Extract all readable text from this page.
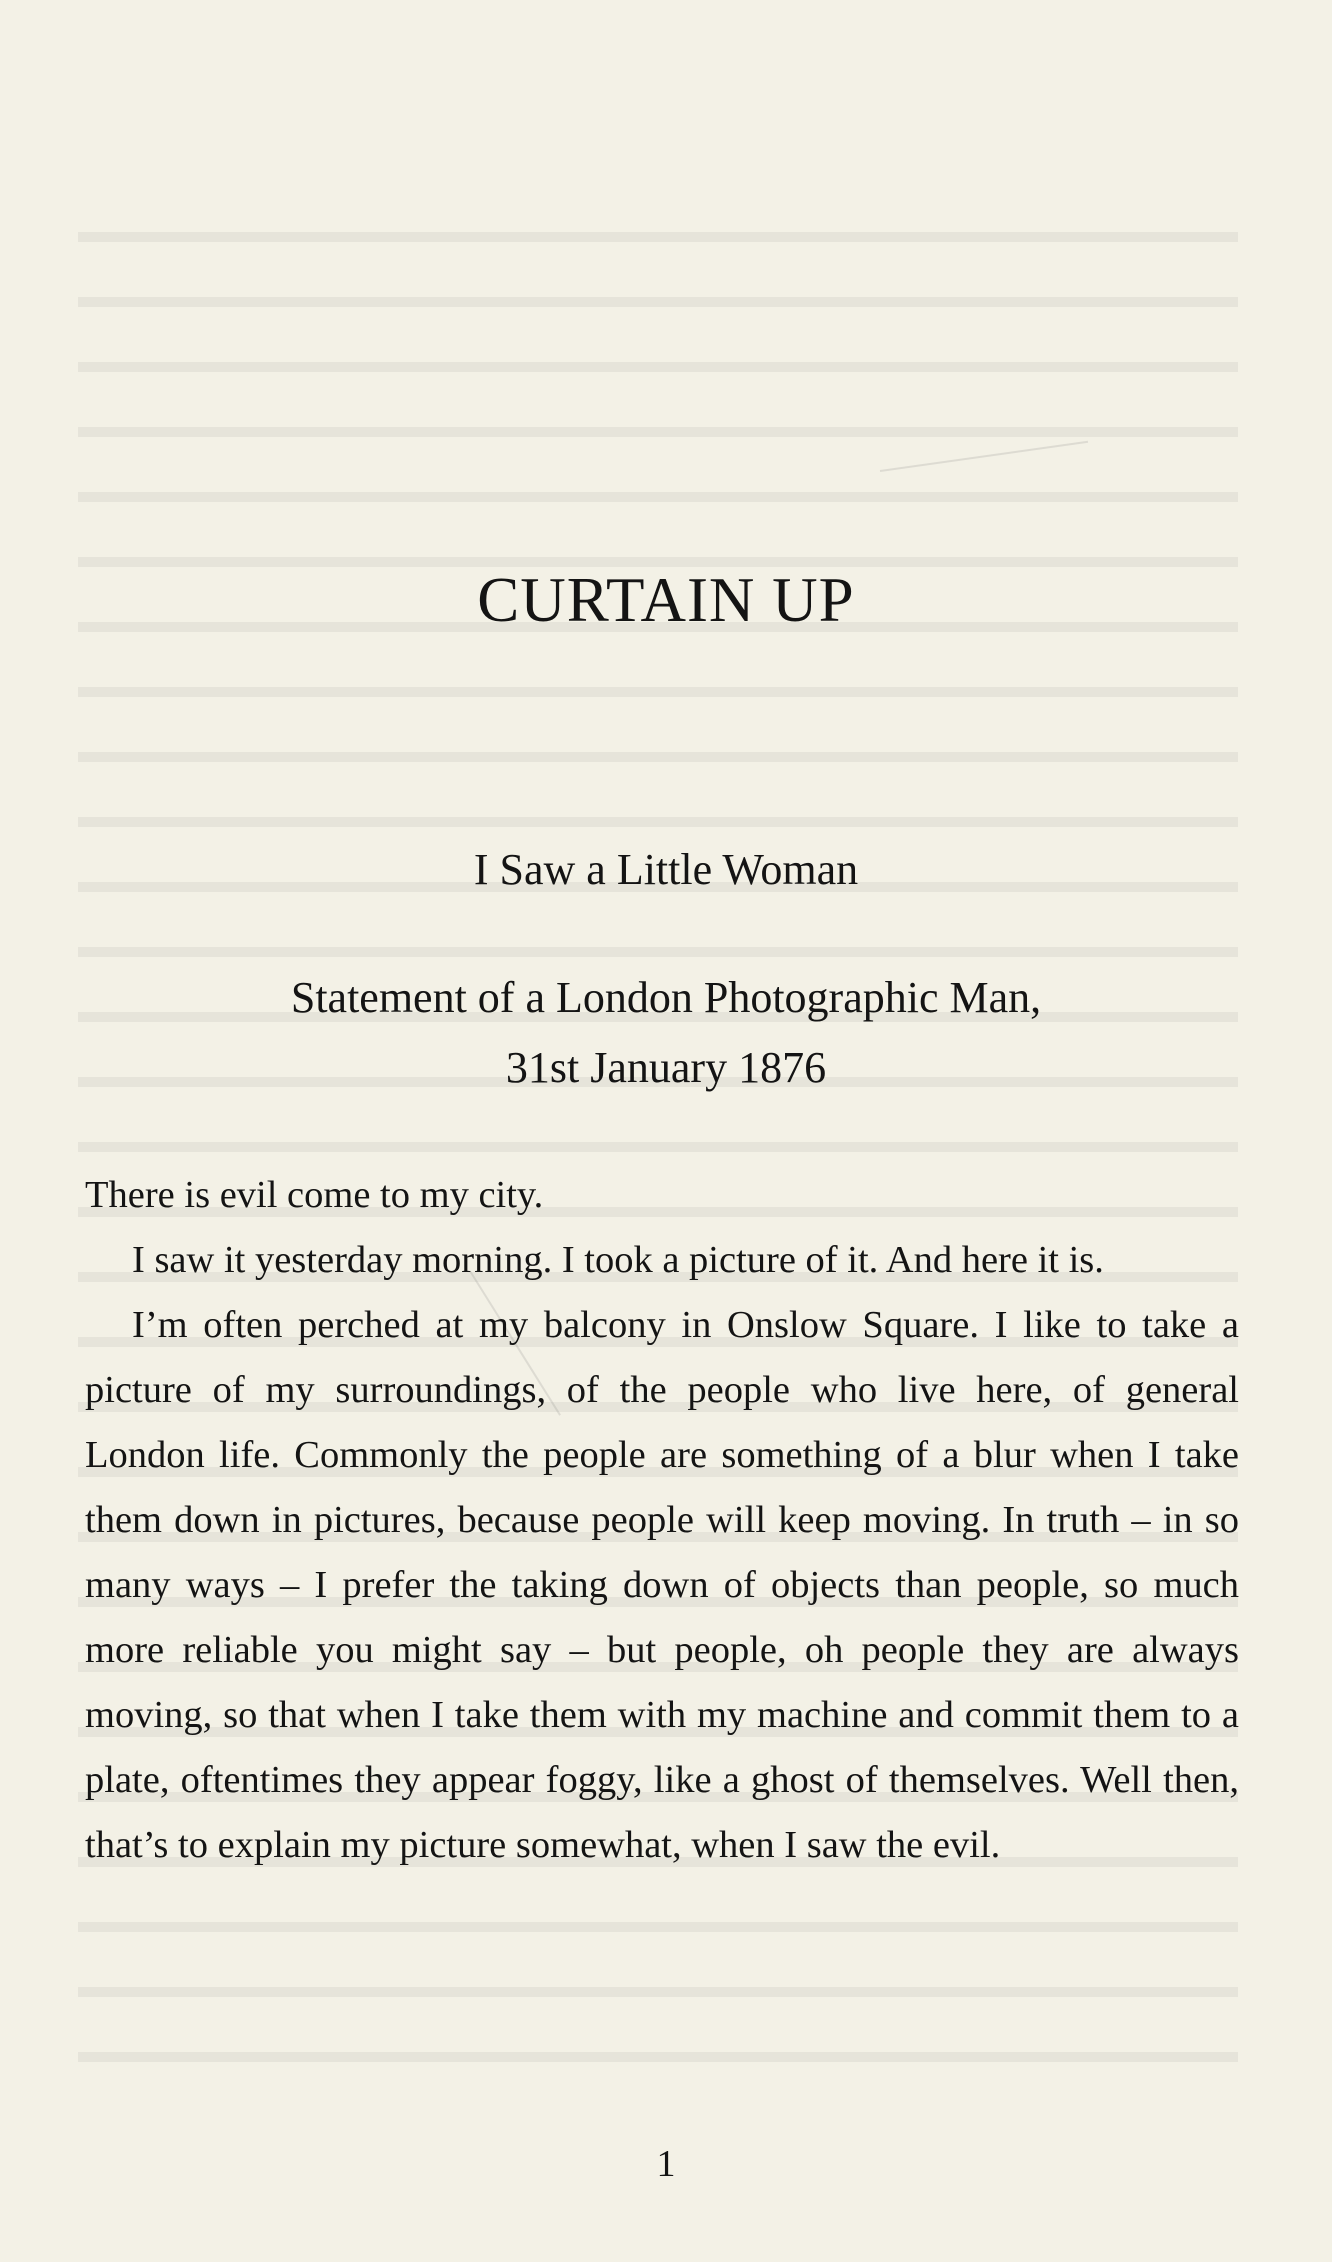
CURTAIN UP
I Saw a Little Woman
Statement of a London Photographic Man,
31st January 1876

There is evil come to my city.

I saw it yesterday morning. I took a picture of it. And here it is.

I’m often perched at my balcony in Onslow Square. I like to take a picture of my surroundings, of the people who live here, of general London life. Commonly the people are something of a blur when I take them down in pictures, because people will keep moving. In truth – in so many ways – I prefer the taking down of objects than people, so much more reliable you might say – but people, oh people they are always moving, so that when I take them with my machine and commit them to a plate, oftentimes they appear foggy, like a ghost of themselves. Well then, that’s to explain my picture somewhat, when I saw the evil.

1
